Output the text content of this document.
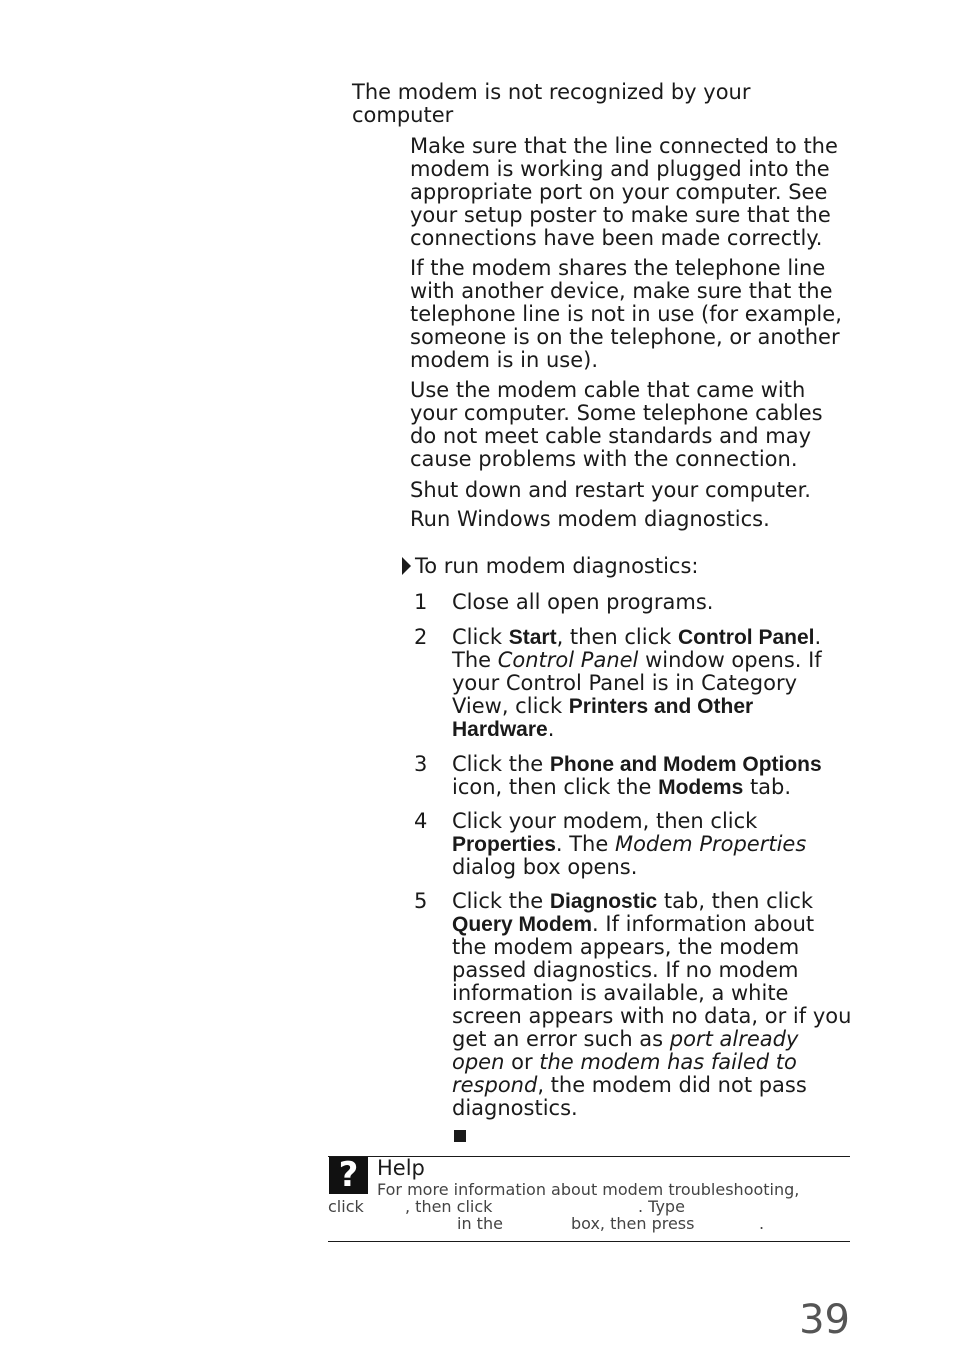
The modem is not recognized by your computer
Make sure that the line connected to the modem is working and plugged into the appropriate port on your computer. See your setup poster to make sure that the connections have been made correctly.
If the modem shares the telephone line with another device, make sure that the telephone line is not in use (for example, someone is on the telephone, or another modem is in use).
Use the modem cable that came with your computer. Some telephone cables do not meet cable standards and may cause problems with the connection.
Shut down and restart your computer.
Run Windows modem diagnostics.
To run modem diagnostics:
1	Close all open programs.
2	Click Start, then click Control Panel. The Control Panel window opens. If your Control Panel is in Category View, click Printers and Other Hardware.
3	Click the Phone and Modem Options icon, then click the Modems tab.
4	Click your modem, then click Properties. The Modem Properties dialog box opens.
5	Click the Diagnostic tab, then click Query Modem. If information about the modem appears, the modem passed diagnostics. If no modem information is available, a white screen appears with no data, or if you get an error such as port already open or the modem has failed to respond, the modem did not pass diagnostics.
? Help
For more information about modem troubleshooting,
click	, then click	. Type
in the	box, then press	.
39
